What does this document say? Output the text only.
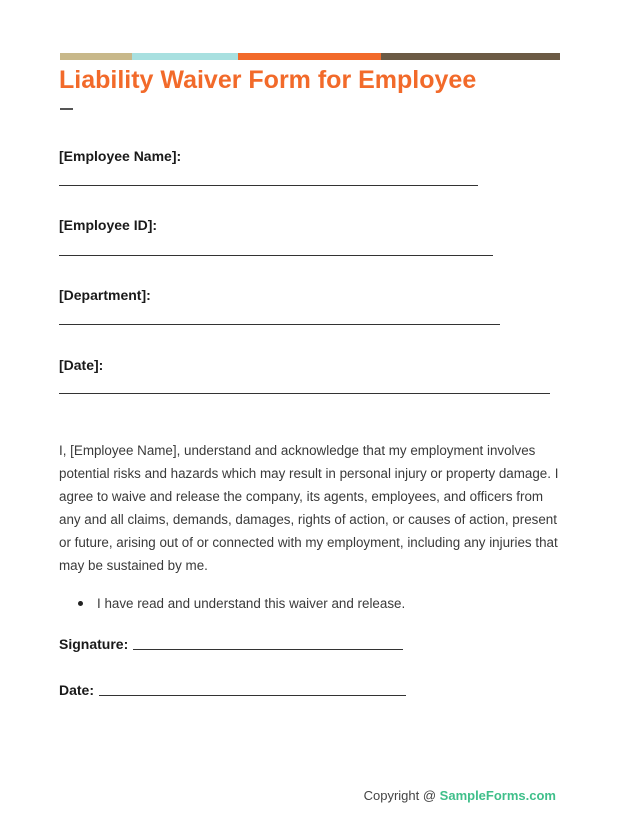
Liability Waiver Form for Employee
[Employee Name]:
[Employee ID]:
[Department]:
[Date]:

I, [Employee Name], understand and acknowledge that my employment involves potential risks and hazards which may result in personal injury or property damage. I agree to waive and release the company, its agents, employees, and officers from any and all claims, demands, damages, rights of action, or causes of action, present or future, arising out of or connected with my employment, including any injuries that may be sustained by me.

I have read and understand this waiver and release.
Signature:
Date:
Copyright @ SampleForms.com
